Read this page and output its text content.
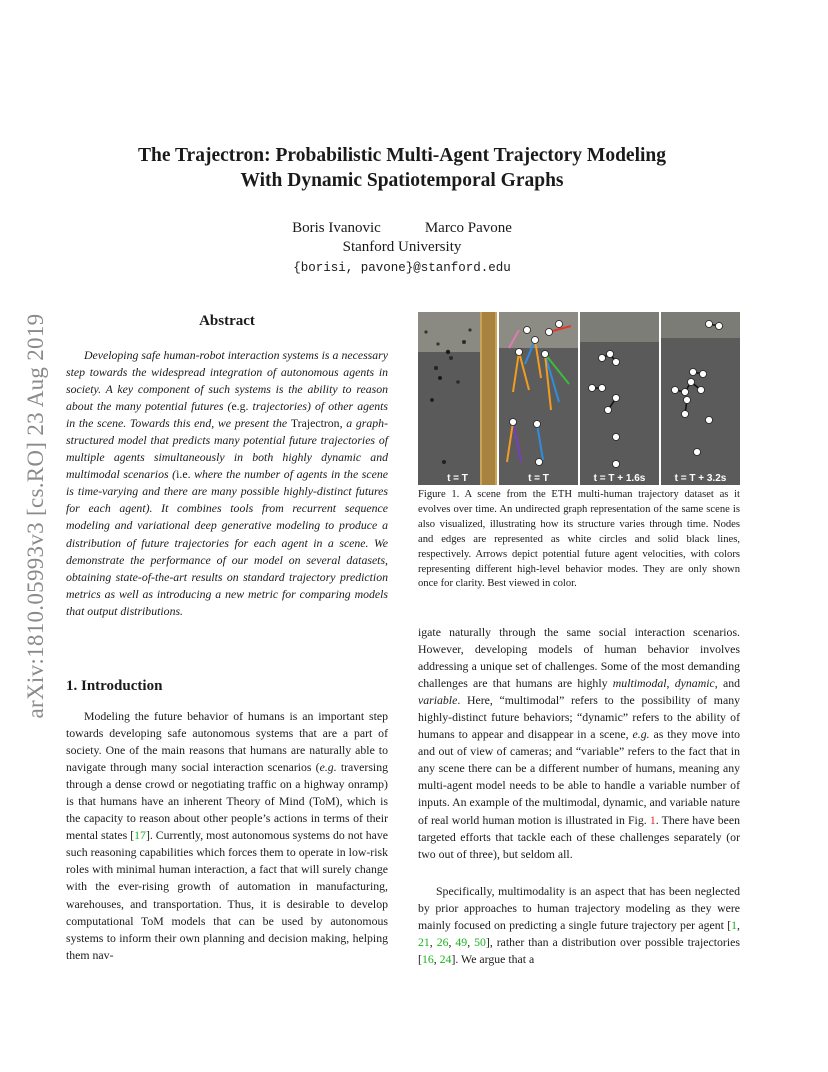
arXiv:1810.05993v3 [cs.RO] 23 Aug 2019
The Trajectron: Probabilistic Multi-Agent Trajectory Modeling
With Dynamic Spatiotemporal Graphs
Boris Ivanovic	Marco Pavone
Stanford University
{borisi, pavone}@stanford.edu
Abstract

Developing safe human-robot interaction systems is a necessary step towards the widespread integration of autonomous agents in society. A key component of such systems is the ability to reason about the many potential futures (e.g. trajectories) of other agents in the scene. Towards this end, we present the Trajectron, a graph-structured model that predicts many potential future trajectories of multiple agents simultaneously in both highly dynamic and multimodal scenarios (i.e. where the number of agents in the scene is time-varying and there are many possible highly-distinct futures for each agent). It combines tools from recurrent sequence modeling and variational deep generative modeling to produce a distribution of future trajectories for each agent in a scene. We demonstrate the performance of our model on several datasets, obtaining state-of-the-art results on standard trajectory prediction metrics as well as introducing a new metric for comparing models that output distributions.

1. Introduction

Modeling the future behavior of humans is an important step towards developing safe autonomous systems that are a part of society. One of the main reasons that humans are naturally able to navigate through many social interaction scenarios (e.g. traversing through a dense crowd or negotiating traffic on a highway onramp) is that humans have an inherent Theory of Mind (ToM), which is the capacity to reason about other people’s actions in terms of their mental states [17]. Currently, most autonomous systems do not have such reasoning capabilities which forces them to operate in low-risk roles with minimal human interaction, a fact that will surely change with the ever-rising growth of automation in manufacturing, warehouses, and transportation. Thus, it is desirable to develop computational ToM models that can be used by autonomous systems to inform their own planning and decision making, helping them nav-

t = T	t = T	t = T + 1.6s	t = T + 3.2s

Figure 1. A scene from the ETH multi-human trajectory dataset as it evolves over time. An undirected graph representation of the same scene is also visualized, illustrating how its structure varies through time. Nodes and edges are represented as white circles and solid black lines, respectively. Arrows depict potential future agent velocities, with colors representing different high-level behavior modes. They are only shown once for clarity. Best viewed in color.

igate naturally through the same social interaction scenarios. However, developing models of human behavior involves addressing a unique set of challenges. Some of the most demanding challenges are that humans are highly multimodal, dynamic, and variable. Here, “multimodal” refers to the possibility of many highly-distinct future behaviors; “dynamic” refers to the ability of humans to appear and disappear in a scene, e.g. as they move into and out of view of cameras; and “variable” refers to the fact that in any scene there can be a different number of humans, meaning any multi-agent model needs to be able to handle a variable number of inputs. An example of the multimodal, dynamic, and variable nature of real world human motion is illustrated in Fig. 1. There have been targeted efforts that tackle each of these challenges separately (or two out of three), but seldom all.

Specifically, multimodality is an aspect that has been neglected by prior approaches to human trajectory modeling as they were mainly focused on predicting a single future trajectory per agent [1, 21, 26, 49, 50], rather than a distribution over possible trajectories [16, 24]. We argue that a
